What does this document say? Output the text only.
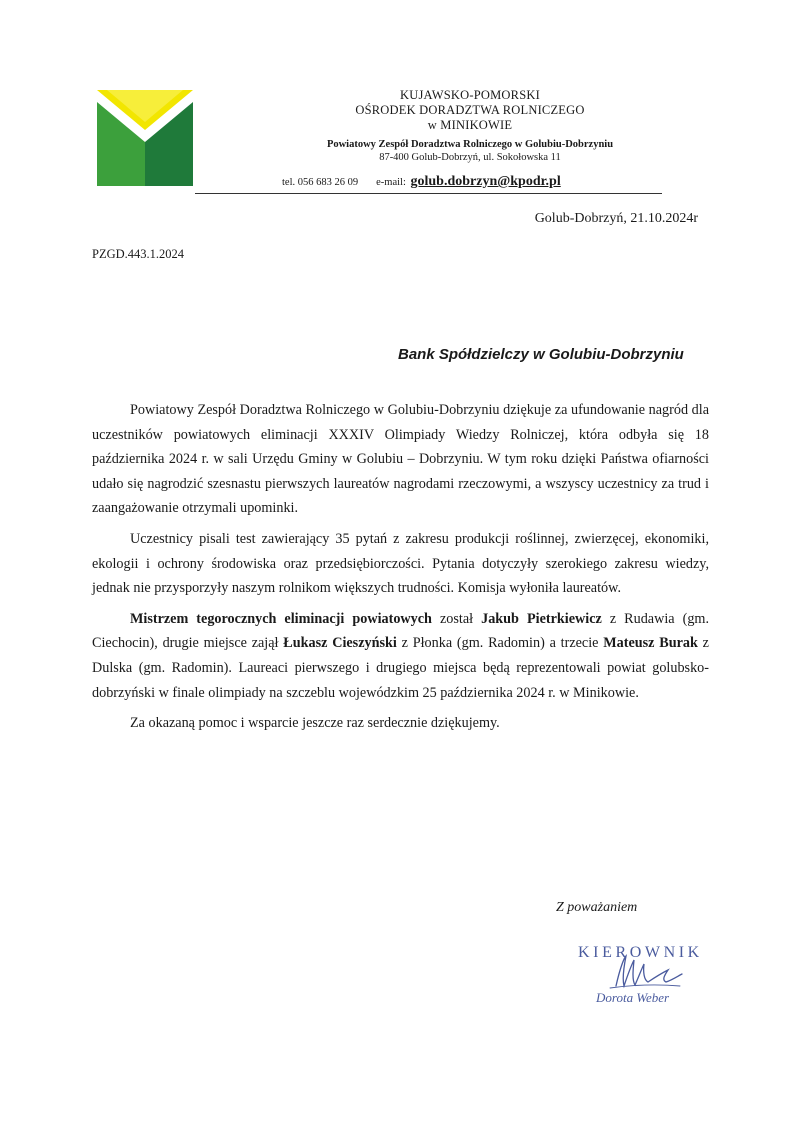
KUJAWSKO-POMORSKI
OŚRODEK DORADZTWA ROLNICZEGO
w MINIKOWIE
Powiatowy Zespół Doradztwa Rolniczego w Golubiu-Dobrzyniu
87-400 Golub-Dobrzyń, ul. Sokołowska 11
tel. 056 683 26 09 e-mail: golub.dobrzyn@kpodr.pl
Golub-Dobrzyń, 21.10.2024r
PZGD.443.1.2024
Bank Spółdzielczy w Golubiu-Dobrzyniu

Powiatowy Zespół Doradztwa Rolniczego w Golubiu-Dobrzyniu dziękuje za ufundowanie nagród dla uczestników powiatowych eliminacji XXXIV Olimpiady Wiedzy Rolniczej, która odbyła się 18 października 2024 r. w sali Urzędu Gminy w Golubiu – Dobrzyniu. W tym roku dzięki Państwa ofiarności udało się nagrodzić szesnastu pierwszych laureatów nagrodami rzeczowymi, a wszyscy uczestnicy za trud i zaangażowanie otrzymali upominki.

Uczestnicy pisali test zawierający 35 pytań z zakresu produkcji roślinnej, zwierzęcej, ekonomiki, ekologii i ochrony środowiska oraz przedsiębiorczości. Pytania dotyczyły szerokiego zakresu wiedzy, jednak nie przysporzyły naszym rolnikom większych trudności. Komisja wyłoniła laureatów.

Mistrzem tegorocznych eliminacji powiatowych został Jakub Pietrkiewicz z Rudawia (gm. Ciechocin), drugie miejsce zajął Łukasz Cieszyński z Płonka (gm. Radomin) a trzecie Mateusz Burak z Dulska (gm. Radomin). Laureaci pierwszego i drugiego miejsca będą reprezentowali powiat golubsko-dobrzyński w finale olimpiady na szczeblu wojewódzkim 25 października 2024 r. w Minikowie.

Za okazaną pomoc i wsparcie jeszcze raz serdecznie dziękujemy.

Z poważaniem
KIEROWNIK
Dorota Weber
